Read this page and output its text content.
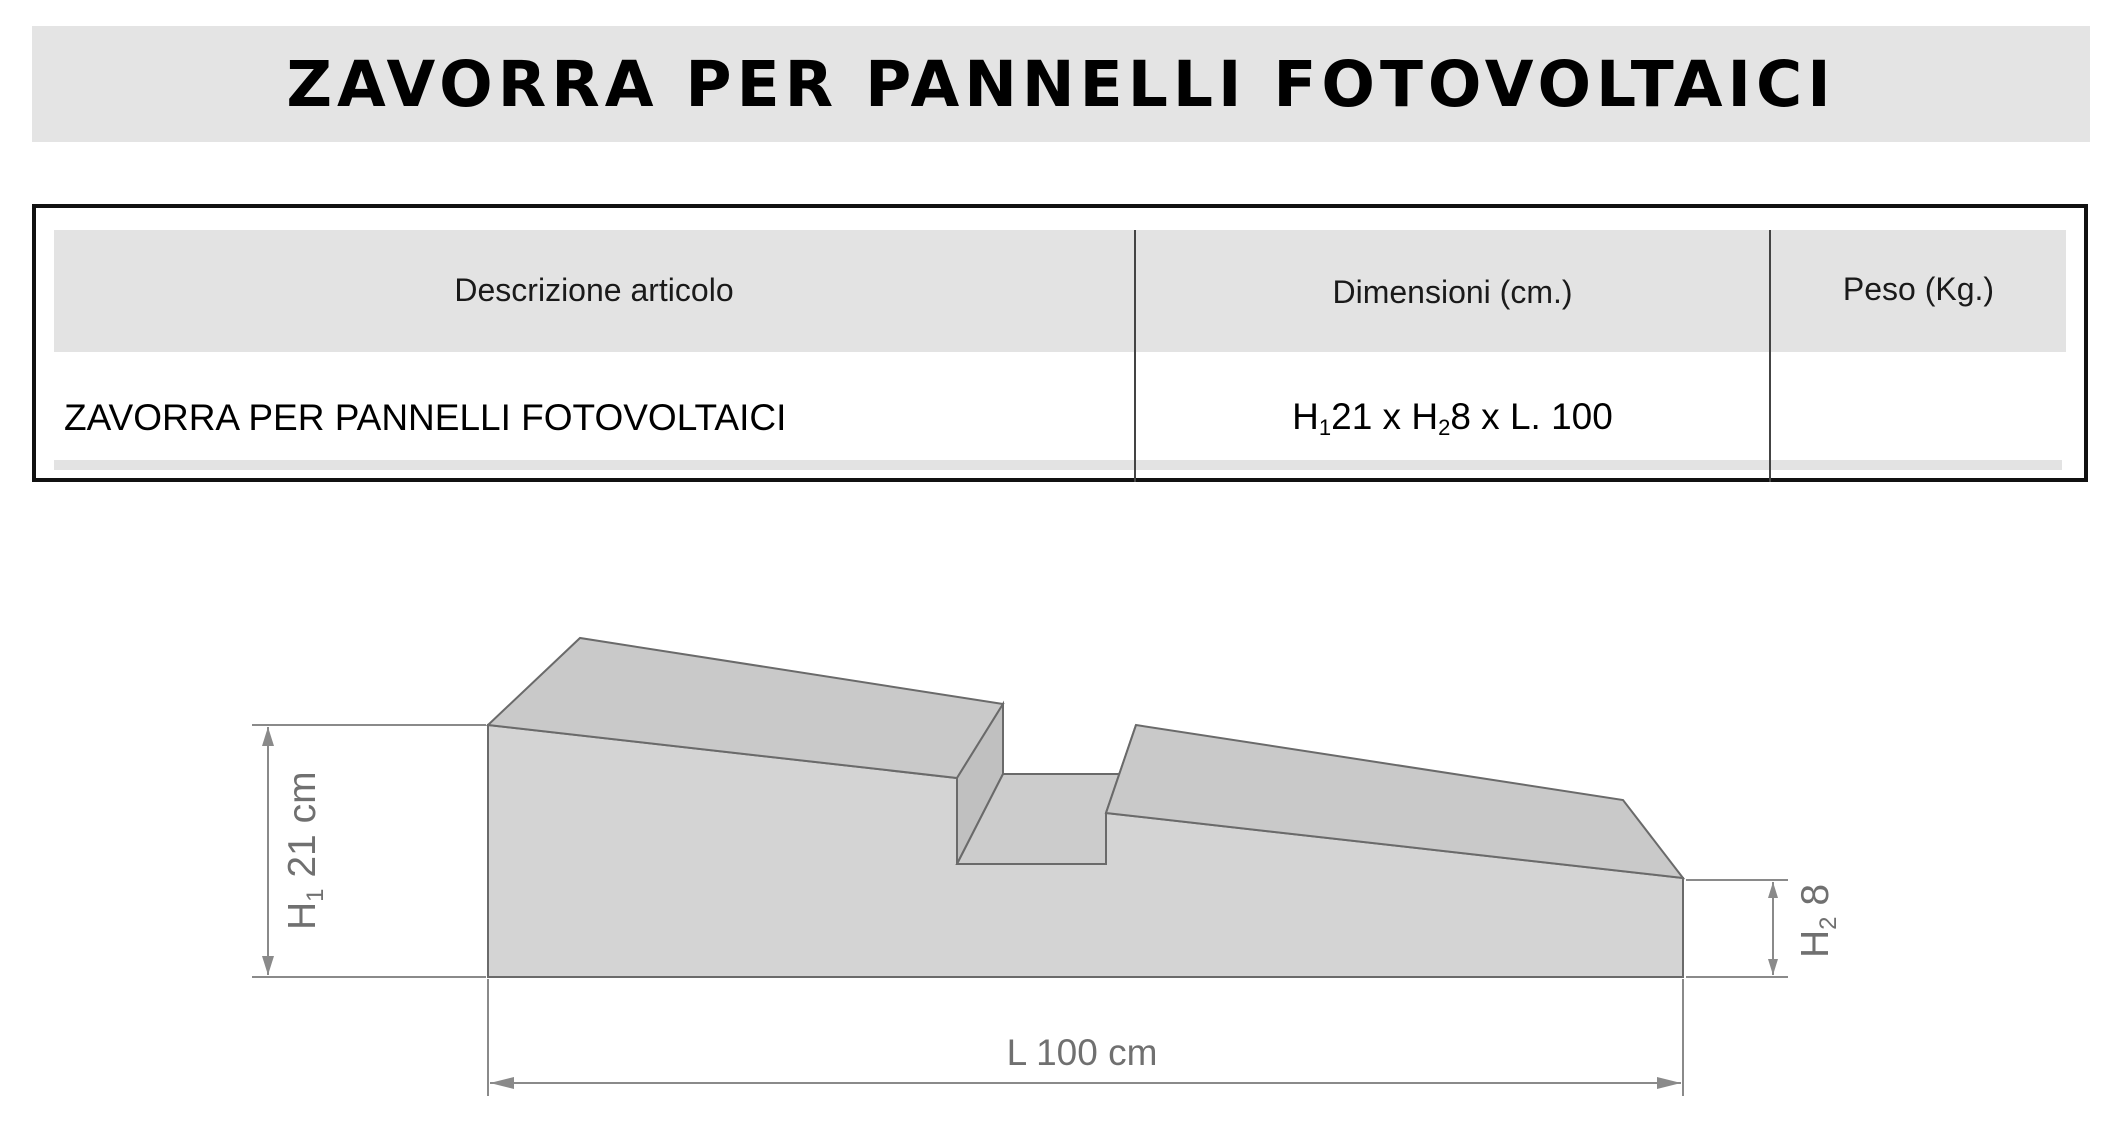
ZAVORRA PER PANNELLI FOTOVOLTAICI
Descrizione articolo	Dimensioni (cm.)	Peso (Kg.)
ZAVORRA PER PANNELLI FOTOVOLTAICI	$H_121$ x $H_28$ x L. 100
$H_1$ 21 cm
$H_2$ 8
L 100 cm
